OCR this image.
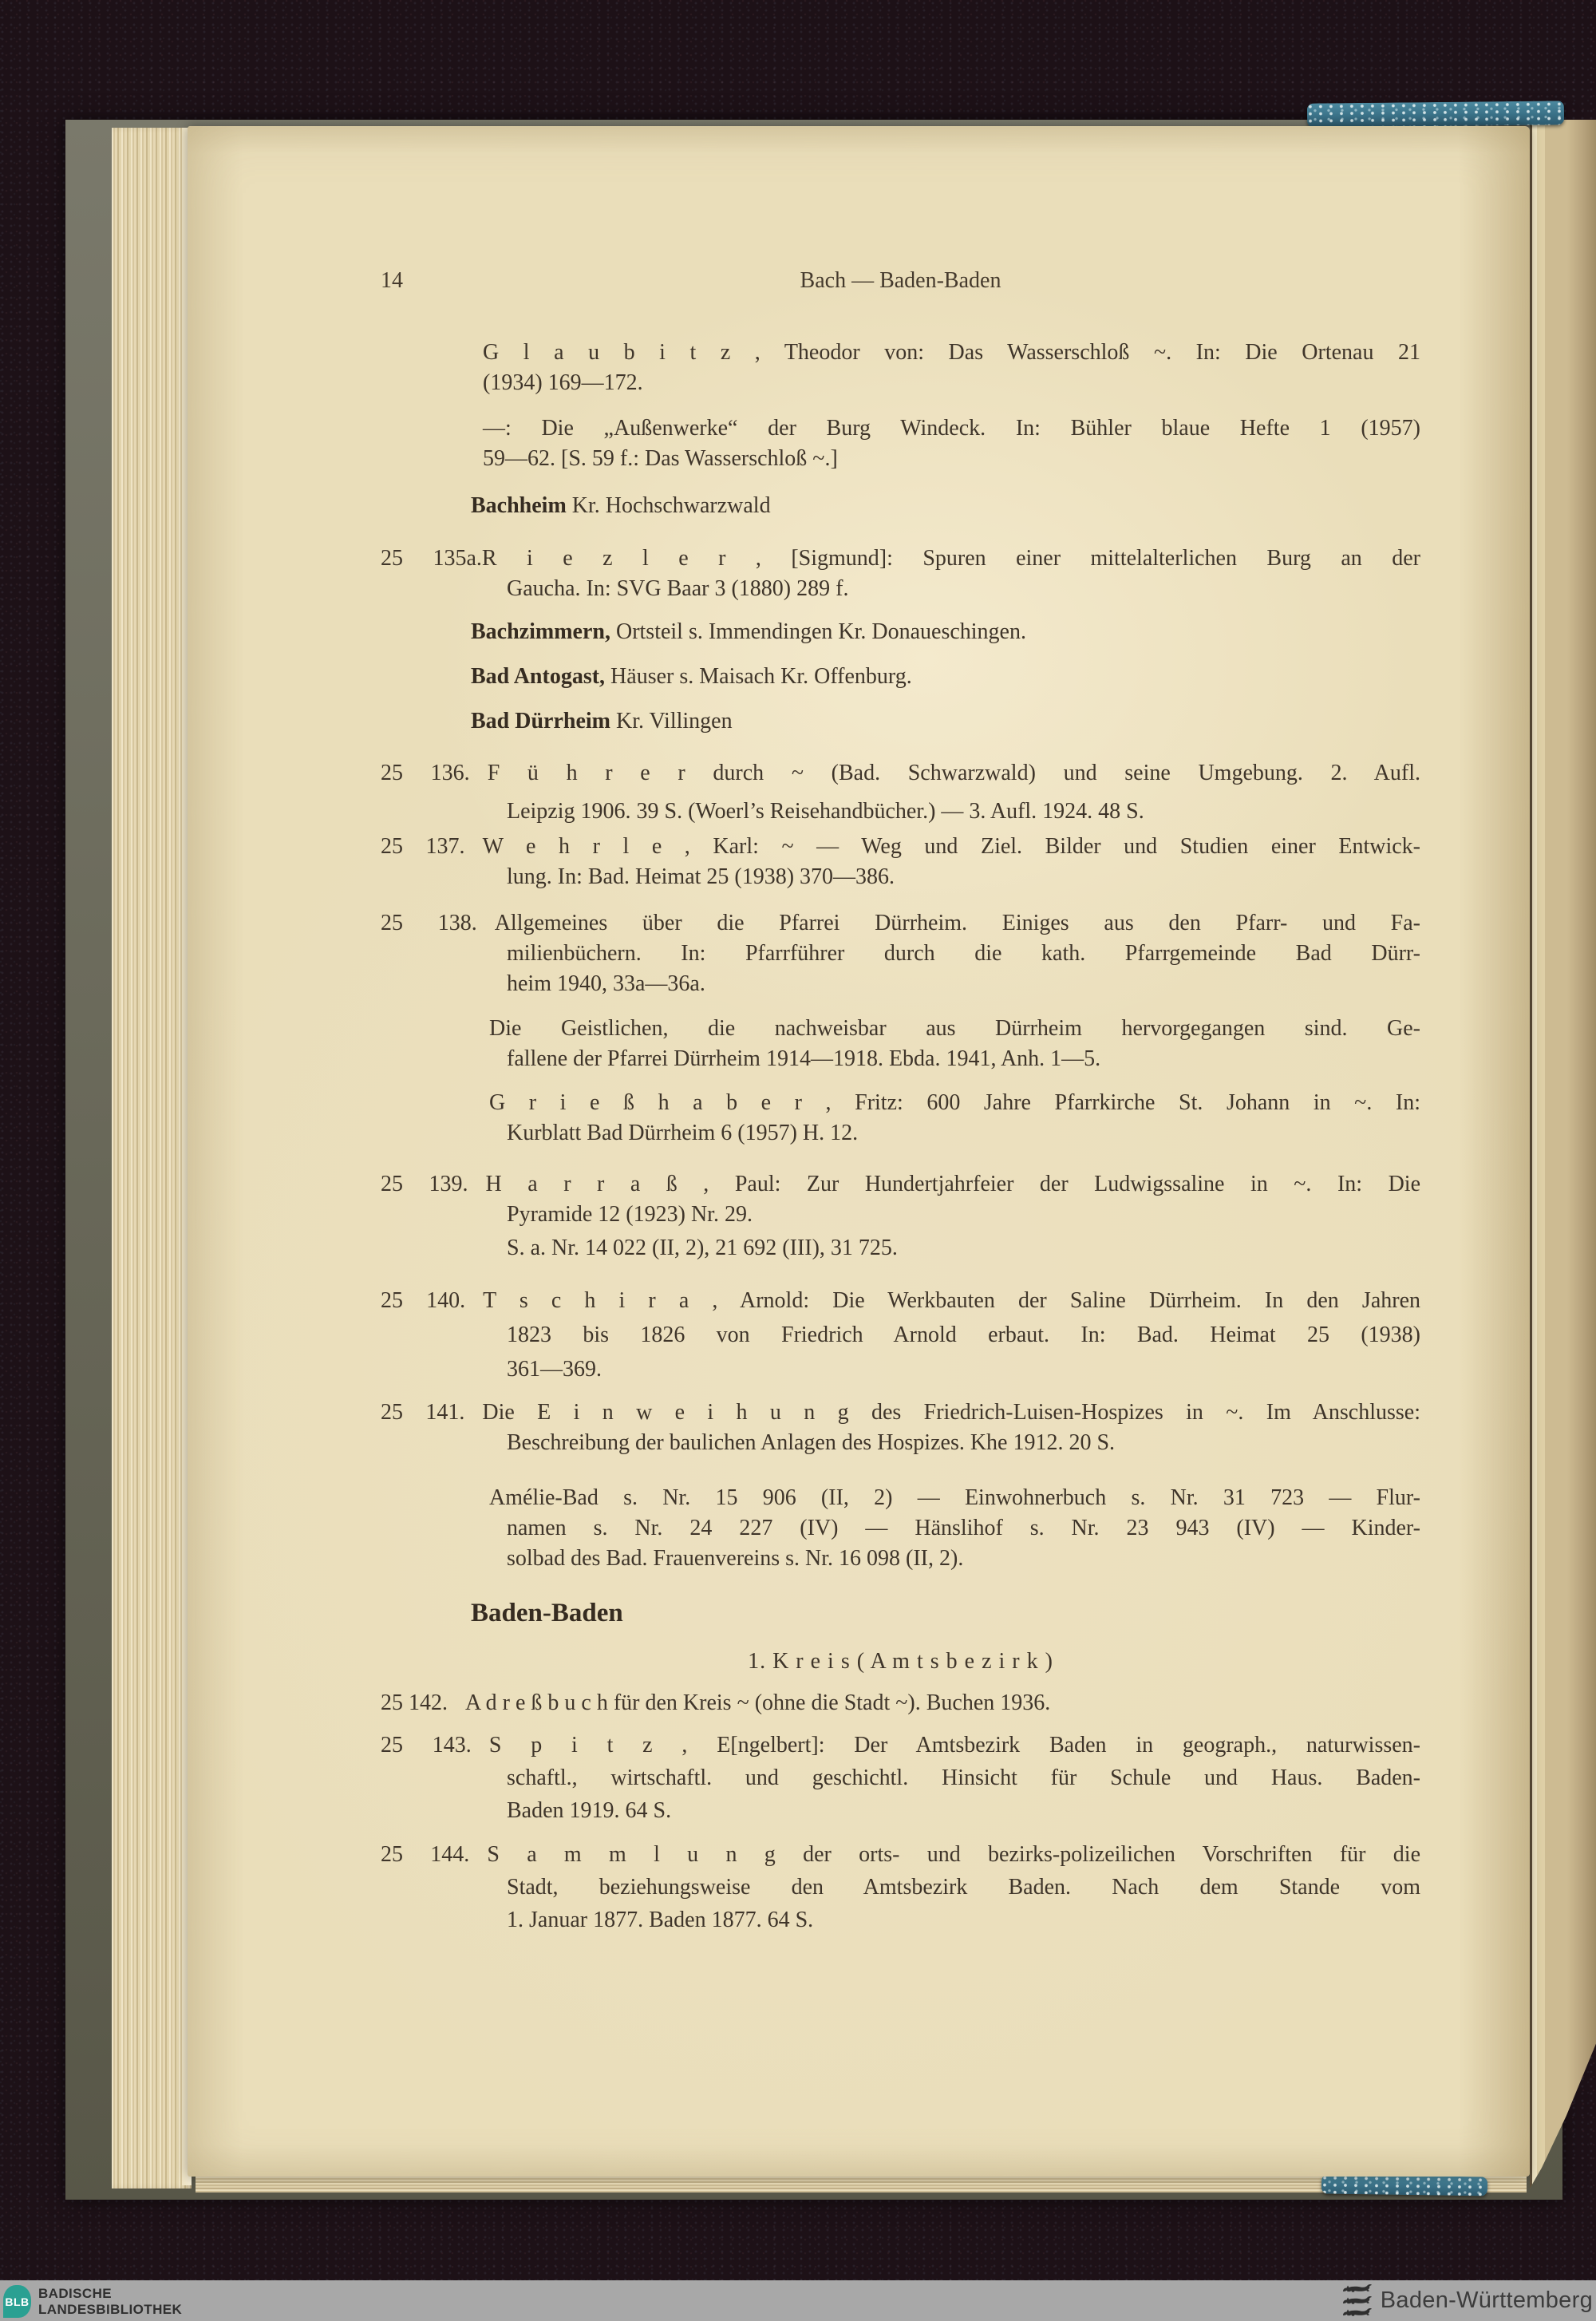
14	Bach — Baden-Baden
G l a u b i t z , Theodor von: Das Wasserschloß ~. In: Die Ortenau 21
(1934) 169—172.
—: Die „Außenwerke“ der Burg Windeck. In: Bühler blaue Hefte 1 (1957)
59—62. [S. 59 f.: Das Wasserschloß ~.]
Bachheim Kr. Hochschwarzwald
25 135a.R i e z l e r , [Sigmund]: Spuren einer mittelalterlichen Burg an der
Gaucha. In: SVG Baar 3 (1880) 289 f.
Bachzimmern, Ortsteil s. Immendingen Kr. Donaueschingen.
Bad Antogast, Häuser s. Maisach Kr. Offenburg.
Bad Dürrheim Kr. Villingen
25 136. F ü h r e r durch ~ (Bad. Schwarzwald) und seine Umgebung. 2. Aufl.
Leipzig 1906. 39 S. (Woerl’s Reisehandbücher.) — 3. Aufl. 1924. 48 S.
25 137. W e h r l e , Karl: ~ — Weg und Ziel. Bilder und Studien einer Entwick-
lung. In: Bad. Heimat 25 (1938) 370—386.
25 138. Allgemeines über die Pfarrei Dürrheim. Einiges aus den Pfarr- und Fa-
milienbüchern. In: Pfarrführer durch die kath. Pfarrgemeinde Bad Dürr-
heim 1940, 33a—36a.
Die Geistlichen, die nachweisbar aus Dürrheim hervorgegangen sind. Ge-
fallene der Pfarrei Dürrheim 1914—1918. Ebda. 1941, Anh. 1—5.
G r i e ß h a b e r , Fritz: 600 Jahre Pfarrkirche St. Johann in ~. In:
Kurblatt Bad Dürrheim 6 (1957) H. 12.
25 139. H a r r a ß , Paul: Zur Hundertjahrfeier der Ludwigssaline in ~. In: Die
Pyramide 12 (1923) Nr. 29.
S. a. Nr. 14 022 (II, 2), 21 692 (III), 31 725.
25 140. T s c h i r a , Arnold: Die Werkbauten der Saline Dürrheim. In den Jahren
1823 bis 1826 von Friedrich Arnold erbaut. In: Bad. Heimat 25 (1938)
361—369.
25 141. Die E i n w e i h u n g des Friedrich-Luisen-Hospizes in ~. Im Anschlusse:
Beschreibung der baulichen Anlagen des Hospizes. Khe 1912. 20 S.
Amélie-Bad s. Nr. 15 906 (II, 2) — Einwohnerbuch s. Nr. 31 723 — Flur-
namen s. Nr. 24 227 (IV) — Hänslihof s. Nr. 23 943 (IV) — Kinder-
solbad des Bad. Frauenvereins s. Nr. 16 098 (II, 2).
Baden-Baden
1. K r e i s ( A m t s b e z i r k )
25 142. A d r e ß b u c h für den Kreis ~ (ohne die Stadt ~). Buchen 1936.
25 143. S p i t z , E[ngelbert]: Der Amtsbezirk Baden in geograph., naturwissen-
schaftl., wirtschaftl. und geschichtl. Hinsicht für Schule und Haus. Baden-
Baden 1919. 64 S.
25 144. S a m m l u n g der orts- und bezirks-polizeilichen Vorschriften für die
Stadt, beziehungsweise den Amtsbezirk Baden. Nach dem Stande vom
1. Januar 1877. Baden 1877. 64 S.
BLB
BADISCHE
LANDESBIBLIOTHEK	Baden-Württemberg
